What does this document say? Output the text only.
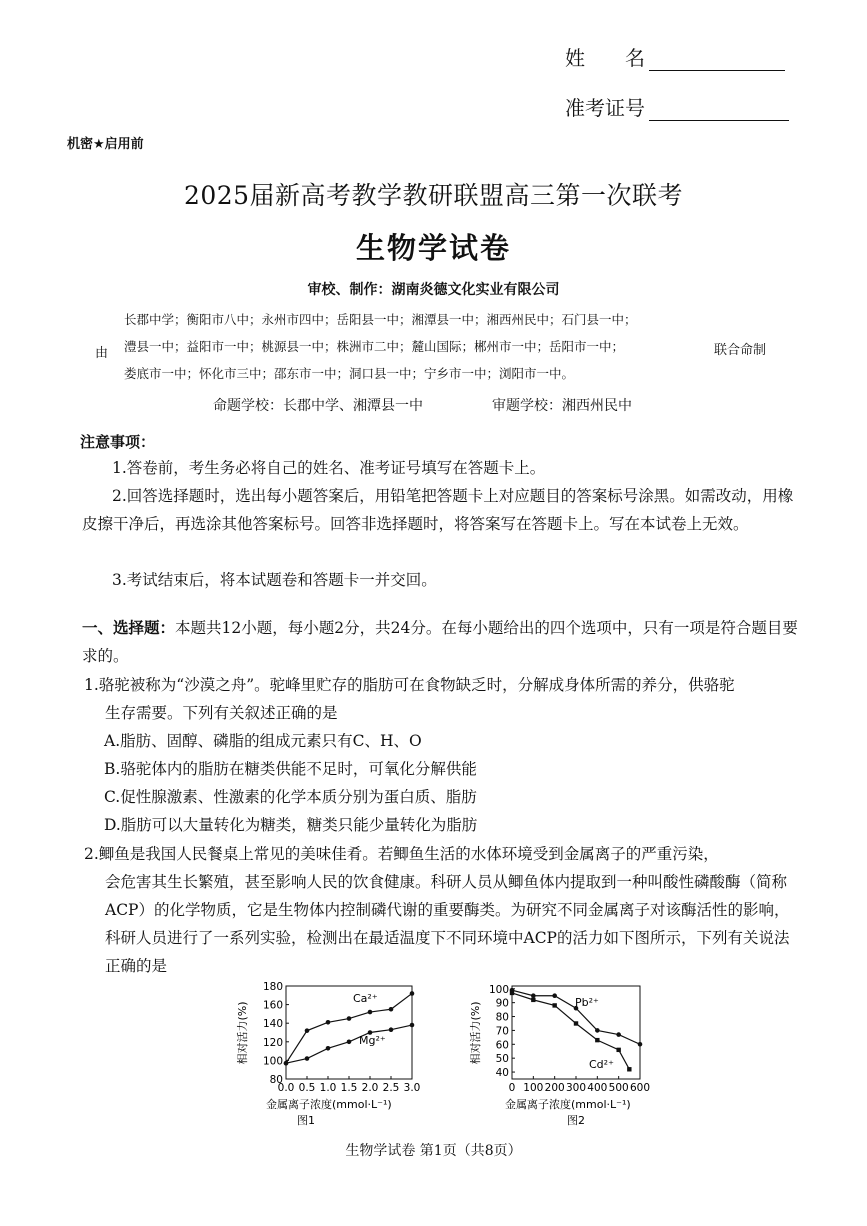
姓　　名
准考证号
机密★启用前
2025届新高考教学教研联盟高三第一次联考
生物学试卷
审校、制作：湖南炎德文化实业有限公司
由
长郡中学；衡阳市八中；永州市四中；岳阳县一中；湘潭县一中；湘西州民中；石门县一中；
澧县一中；益阳市一中；桃源县一中；株洲市二中；麓山国际；郴州市一中；岳阳市一中；
娄底市一中；怀化市三中；邵东市一中；洞口县一中；宁乡市一中；浏阳市一中。
联合命制
命题学校：长郡中学、湘潭县一中	审题学校：湘西州民中
注意事项：
1.答卷前，考生务必将自己的姓名、准考证号填写在答题卡上。
2.回答选择题时，选出每小题答案后，用铅笔把答题卡上对应题目的答案标号涂黑。如需改动，用橡皮擦干净后，再选涂其他答案标号。回答非选择题时，将答案写在答题卡上。写在本试卷上无效。
3.考试结束后，将本试题卷和答题卡一并交回。
一、选择题：本题共12小题，每小题2分，共24分。在每小题给出的四个选项中，只有一项是符合题目要求的。
1.骆驼被称为“沙漠之舟”。驼峰里贮存的脂肪可在食物缺乏时，分解成身体所需的养分，供骆驼
生存需要。下列有关叙述正确的是
A.脂肪、固醇、磷脂的组成元素只有C、H、O
B.骆驼体内的脂肪在糖类供能不足时，可氧化分解供能
C.促性腺激素、性激素的化学本质分别为蛋白质、脂肪
D.脂肪可以大量转化为糖类，糖类只能少量转化为脂肪
2.鲫鱼是我国人民餐桌上常见的美味佳肴。若鲫鱼生活的水体环境受到金属离子的严重污染，
会危害其生长繁殖，甚至影响人民的饮食健康。科研人员从鲫鱼体内提取到一种叫酸性磷酸酶（简称ACP）的化学物质，它是生物体内控制磷代谢的重要酶类。为研究不同金属离子对该酶活性的影响，科研人员进行了一系列实验，检测出在最适温度下不同环境中ACP的活力如下图所示，下列有关说法正确的是
相对活力(%)
金属离子浓度(mmol·L⁻¹)
图1
0.0 0.5 1.0 1.5 2.0 2.5 3.0
80
100
120
140
160
180
Ca²⁺
Mg²⁺	相对活力(%)
金属离子浓度(mmol·L⁻¹)
图2
0 100 200 300 400 500 600
40
50
60
70
80
90
100
Pb²⁺
Cd²⁺
生物学试卷 第1页（共8页）
